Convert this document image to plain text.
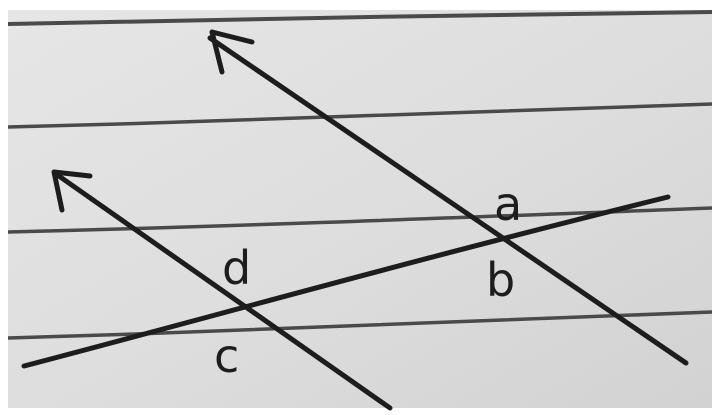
a
b
c
d
